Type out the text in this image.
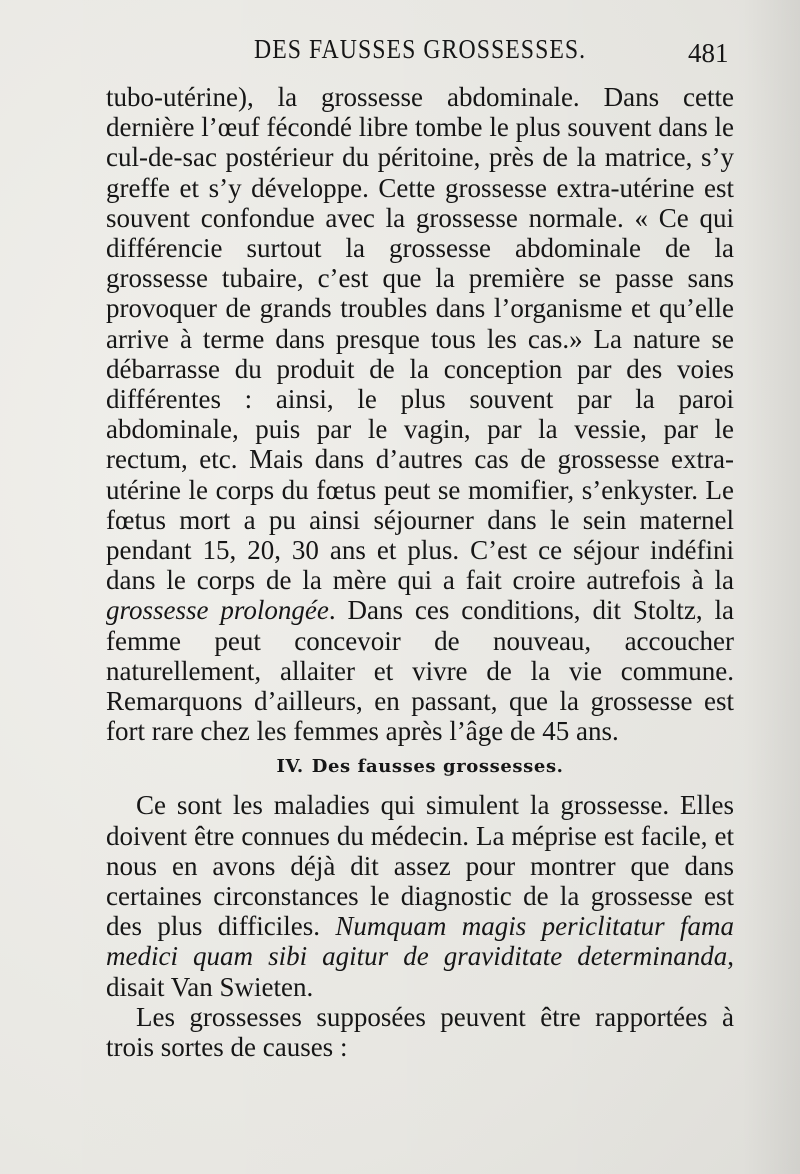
DES FAUSSES GROSSESSES.	481

tubo-utérine), la grossesse abdominale. Dans cette dernière l’œuf fécondé libre tombe le plus souvent dans le cul-de-sac postérieur du péritoine, près de la matrice, s’y greffe et s’y développe. Cette grossesse extra-utérine est souvent confondue avec la grossesse normale. « Ce qui différencie surtout la grossesse abdominale de la grossesse tubaire, c’est que la première se passe sans provoquer de grands troubles dans l’organisme et qu’elle arrive à terme dans presque tous les cas.» La nature se débarrasse du produit de la conception par des voies différentes : ainsi, le plus souvent par la paroi abdominale, puis par le vagin, par la vessie, par le rectum, etc. Mais dans d’autres cas de grossesse extra-utérine le corps du fœtus peut se momifier, s’enkyster. Le fœtus mort a pu ainsi séjourner dans le sein maternel pendant 15, 20, 30 ans et plus. C’est ce séjour indéfini dans le corps de la mère qui a fait croire autrefois à la grossesse prolongée. Dans ces conditions, dit Stoltz, la femme peut concevoir de nouveau, accoucher naturellement, allaiter et vivre de la vie commune. Remarquons d’ailleurs, en passant, que la grossesse est fort rare chez les femmes après l’âge de 45 ans.

IV. Des fausses grossesses.

Ce sont les maladies qui simulent la grossesse. Elles doivent être connues du médecin. La méprise est facile, et nous en avons déjà dit assez pour montrer que dans certaines circonstances le diagnostic de la grossesse est des plus difficiles. Numquam magis periclitatur fama medici quam sibi agitur de graviditate determinanda, disait Van Swieten.

Les grossesses supposées peuvent être rapportées à trois sortes de causes :
